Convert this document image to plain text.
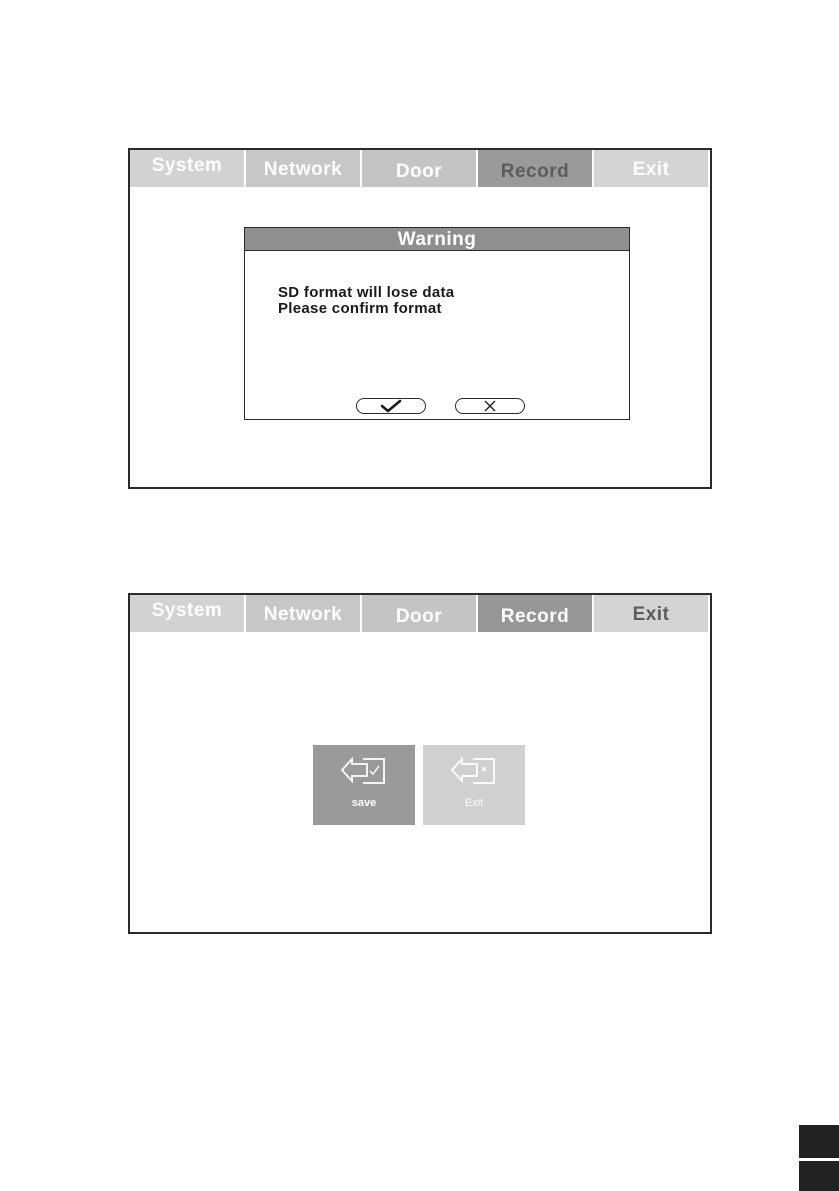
System	Network	Door	Record	Exit
Warning
SD format will lose data
Please confirm format
System	Network	Door	Record	Exit
save	Exit
